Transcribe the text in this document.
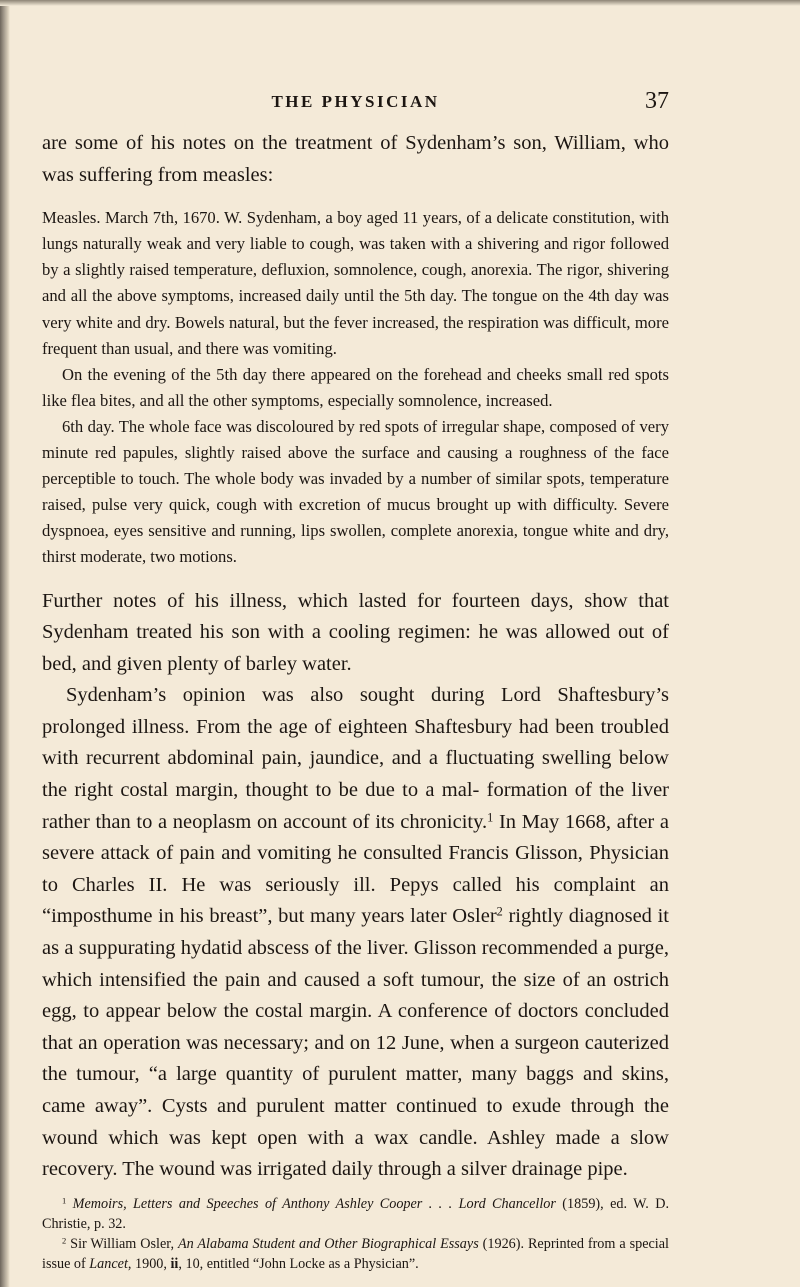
THE PHYSICIAN	37

are some of his notes on the treatment of Sydenham’s son, William, who was suffering from measles:

Measles. March 7th, 1670. W. Sydenham, a boy aged 11 years, of a delicate constitution, with lungs naturally weak and very liable to cough, was taken with a shivering and rigor followed by a slightly raised temperature, defluxion, somnolence, cough, anorexia. The rigor, shivering and all the above symptoms, increased daily until the 5th day. The tongue on the 4th day was very white and dry. Bowels natural, but the fever increased, the respiration was difficult, more frequent than usual, and there was vomiting.

On the evening of the 5th day there appeared on the forehead and cheeks small red spots like flea bites, and all the other symptoms, especially somnolence, increased.

6th day. The whole face was discoloured by red spots of irregular shape, composed of very minute red papules, slightly raised above the surface and causing a roughness of the face perceptible to touch. The whole body was invaded by a number of similar spots, temperature raised, pulse very quick, cough with excretion of mucus brought up with difficulty. Severe dyspnoea, eyes sensitive and running, lips swollen, complete anorexia, tongue white and dry, thirst moderate, two motions.

Further notes of his illness, which lasted for fourteen days, show that Sydenham treated his son with a cooling regimen: he was allowed out of bed, and given plenty of barley water.

Sydenham’s opinion was also sought during Lord Shaftesbury’s prolonged illness. From the age of eighteen Shaftesbury had been troubled with recurrent abdominal pain, jaundice, and a fluctuating swelling below the right costal margin, thought to be due to a mal- formation of the liver rather than to a neoplasm on account of its chronicity.$^1$ In May 1668, after a severe attack of pain and vomiting he consulted Francis Glisson, Physician to Charles II. He was seriously ill. Pepys called his complaint an “imposthume in his breast”, but many years later Osler$^2$ rightly diagnosed it as a suppurating hydatid abscess of the liver. Glisson recommended a purge, which intensified the pain and caused a soft tumour, the size of an ostrich egg, to appear below the costal margin. A conference of doctors concluded that an operation was necessary; and on 12 June, when a surgeon cauterized the tumour, “a large quantity of purulent matter, many baggs and skins, came away”. Cysts and purulent matter continued to exude through the wound which was kept open with a wax candle. Ashley made a slow recovery. The wound was irrigated daily through a silver drainage pipe.

$^1$ Memoirs, Letters and Speeches of Anthony Ashley Cooper . . . Lord Chancellor (1859), ed. W. D. Christie, p. 32.

$^2$ Sir William Osler, An Alabama Student and Other Biographical Essays (1926). Reprinted from a special issue of Lancet, 1900, ii, 10, entitled “John Locke as a Physician”.
